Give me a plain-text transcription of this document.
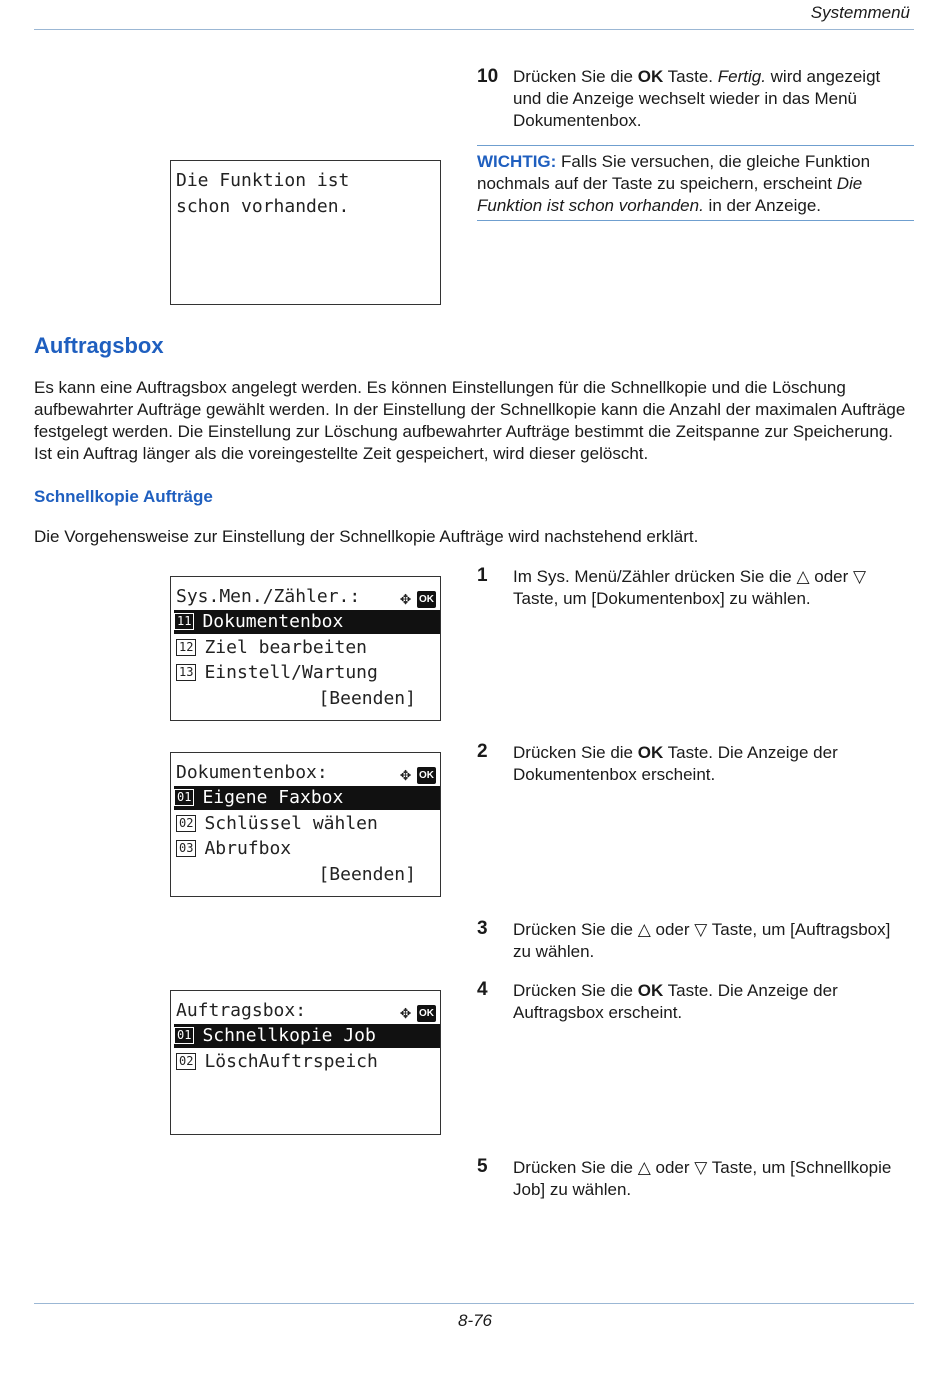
Systemmenü
10 Drücken Sie die OK Taste. Fertig. wird angezeigt und die Anzeige wechselt wieder in das Menü Dokumentenbox.
WICHTIG: Falls Sie versuchen, die gleiche Funktion nochmals auf der Taste zu speichern, erscheint Die Funktion ist schon vorhanden. in der Anzeige.
Die Funktion ist
schon vorhanden.
Auftragsbox
Es kann eine Auftragsbox angelegt werden. Es können Einstellungen für die Schnellkopie und die Löschung aufbewahrter Aufträge gewählt werden. In der Einstellung der Schnellkopie kann die Anzahl der maximalen Aufträge festgelegt werden. Die Einstellung zur Löschung aufbewahrter Aufträge bestimmt die Zeitspanne zur Speicherung. Ist ein Auftrag länger als die voreingestellte Zeit gespeichert, wird dieser gelöscht.
Schnellkopie Aufträge
Die Vorgehensweise zur Einstellung der Schnellkopie Aufträge wird nachstehend erklärt.
1 Im Sys. Menü/Zähler drücken Sie die △ oder ▽ Taste, um [Dokumentenbox] zu wählen.
Sys.Men./Zähler.: ✥ OK
11 Dokumentenbox
12 Ziel bearbeiten
13 Einstell/Wartung
[Beenden]
2 Drücken Sie die OK Taste. Die Anzeige der Dokumentenbox erscheint.
Dokumentenbox:	✥ OK
01 Eigene Faxbox
02 Schlüssel wählen
03 Abrufbox
[Beenden]
3 Drücken Sie die △ oder ▽ Taste, um [Auftragsbox] zu wählen.
4 Drücken Sie die OK Taste. Die Anzeige der Auftragsbox erscheint.
Auftragsbox:	✥ OK
01 Schnellkopie Job
02 LöschAuftrspeich
5 Drücken Sie die △ oder ▽ Taste, um [Schnellkopie Job] zu wählen.
8-76
